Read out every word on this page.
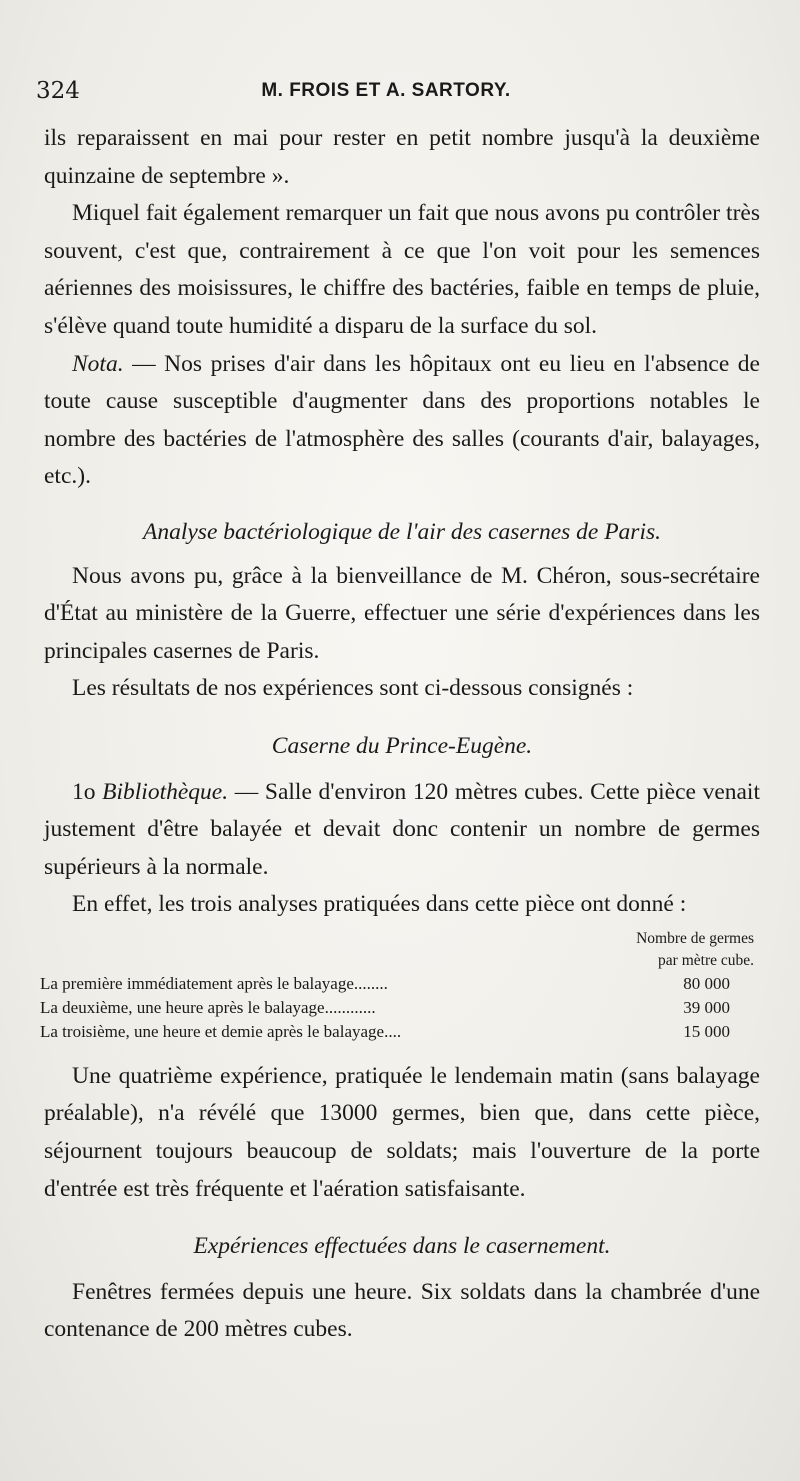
324	M. FROIS ET A. SARTORY.

ils reparaissent en mai pour rester en petit nombre jusqu'à la deuxième quinzaine de septembre ».

Miquel fait également remarquer un fait que nous avons pu contrôler très souvent, c'est que, contrairement à ce que l'on voit pour les semences aériennes des moisissures, le chiffre des bactéries, faible en temps de pluie, s'élève quand toute humidité a disparu de la surface du sol.

Nota. — Nos prises d'air dans les hôpitaux ont eu lieu en l'absence de toute cause susceptible d'augmenter dans des proportions notables le nombre des bactéries de l'atmosphère des salles (courants d'air, balayages, etc.).

Analyse bactériologique de l'air des casernes de Paris.

Nous avons pu, grâce à la bienveillance de M. Chéron, sous-secrétaire d'État au ministère de la Guerre, effectuer une série d'expériences dans les principales casernes de Paris.

Les résultats de nos expériences sont ci-dessous consignés :

Caserne du Prince-Eugène.

1o Bibliothèque. — Salle d'environ 120 mètres cubes. Cette pièce venait justement d'être balayée et devait donc contenir un nombre de germes supérieurs à la normale.

En effet, les trois analyses pratiquées dans cette pièce ont donné :

Nombre de germes
par mètre cube.
La première immédiatement après le balayage........	80 000
La deuxième, une heure après le balayage............	39 000
La troisième, une heure et demie après le balayage....	15 000

Une quatrième expérience, pratiquée le lendemain matin (sans balayage préalable), n'a révélé que 13000 germes, bien que, dans cette pièce, séjournent toujours beaucoup de soldats; mais l'ouverture de la porte d'entrée est très fréquente et l'aération satisfaisante.

Expériences effectuées dans le casernement.

Fenêtres fermées depuis une heure. Six soldats dans la chambrée d'une contenance de 200 mètres cubes.
